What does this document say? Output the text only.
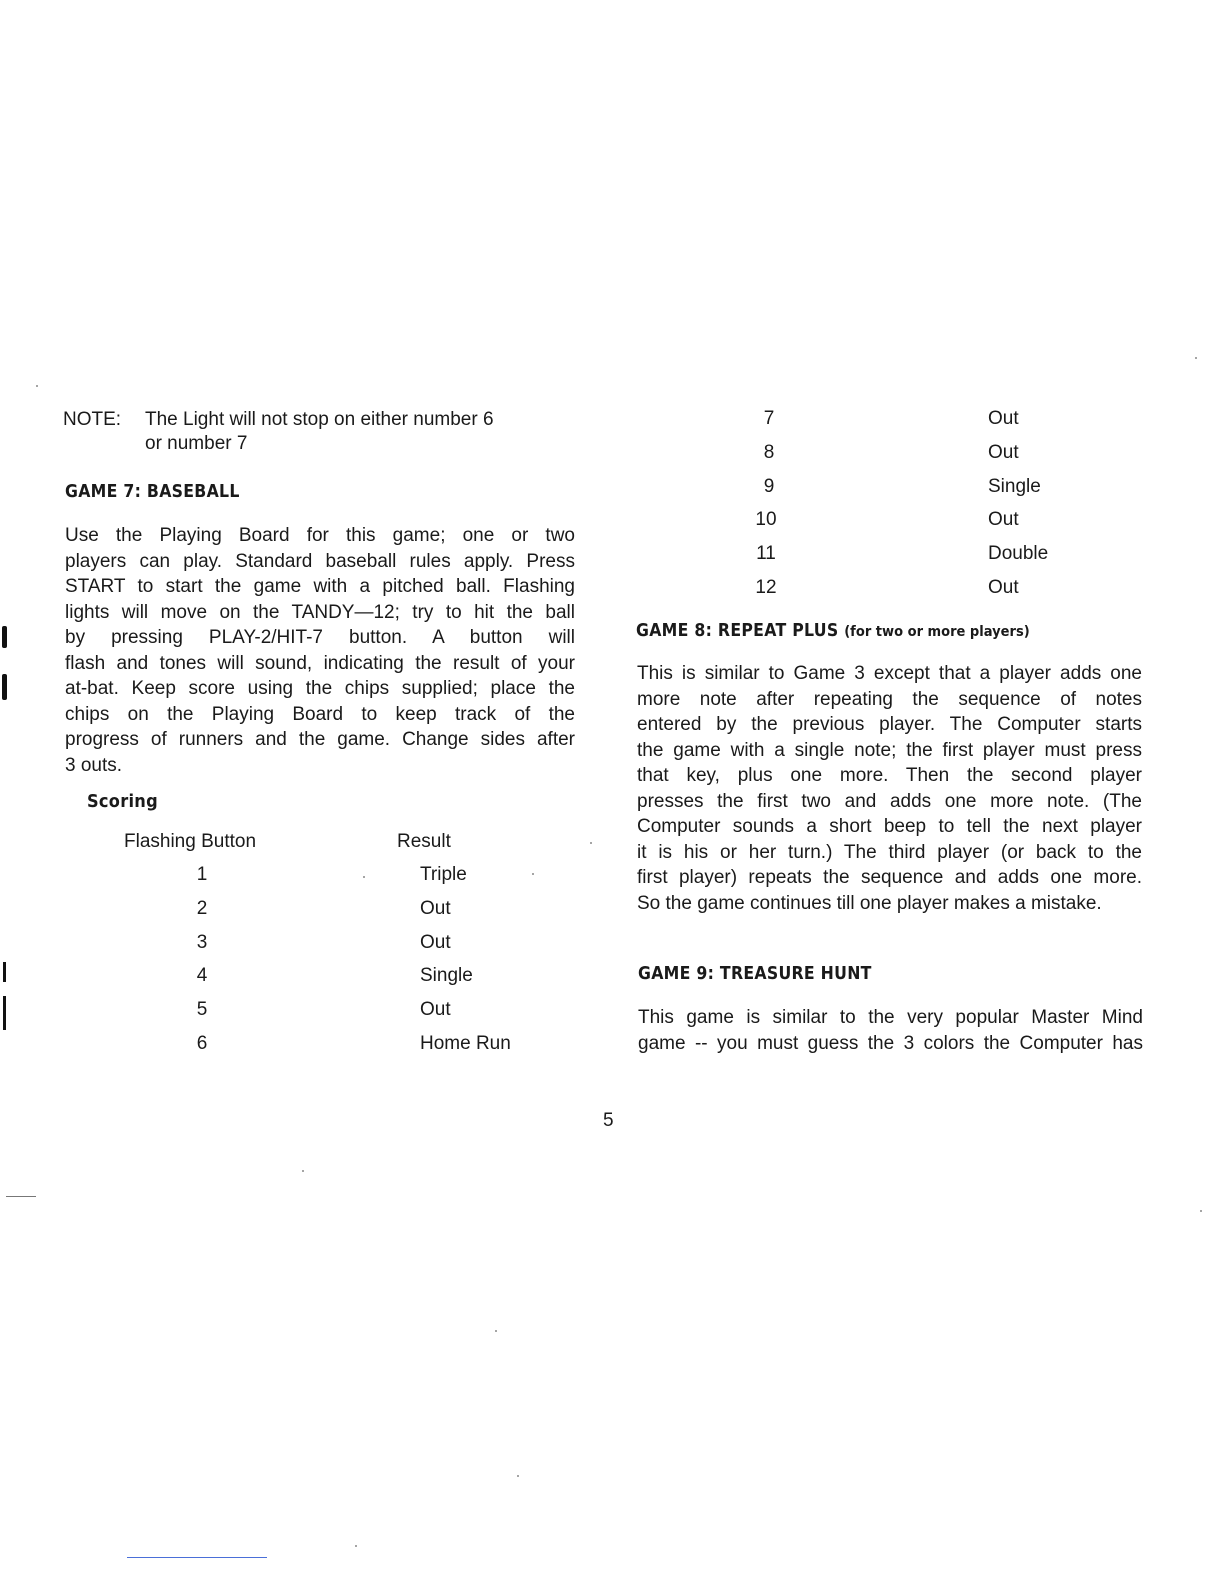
NOTE: The Light will not stop on either number 6
or number 7
GAME 7: BASEBALL
Use the Playing Board for this game; one or two
players can play. Standard baseball rules apply. Press
START to start the game with a pitched ball. Flashing
lights will move on the TANDY—12; try to hit the ball
by pressing PLAY-2/HIT-7 button. A button will
flash and tones will sound, indicating the result of your
at-bat. Keep score using the chips supplied; place the
chips on the Playing Board to keep track of the
progress of runners and the game. Change sides after
3 outs.
Scoring
Flashing Button	Result
1	Triple
2	Out
3	Out
4	Single
5	Out
6	Home Run
7	Out
8	Out
9	Single
10	Out
11	Double
12	Out
GAME 8: REPEAT PLUS (for two or more players)
This is similar to Game 3 except that a player adds one
more note after repeating the sequence of notes
entered by the previous player. The Computer starts
the game with a single note; the first player must press
that key, plus one more. Then the second player
presses the first two and adds one more note. (The
Computer sounds a short beep to tell the next player
it is his or her turn.) The third player (or back to the
first player) repeats the sequence and adds one more.
So the game continues till one player makes a mistake.
GAME 9: TREASURE HUNT
This game is similar to the very popular Master Mind
game -- you must guess the 3 colors the Computer has
5
